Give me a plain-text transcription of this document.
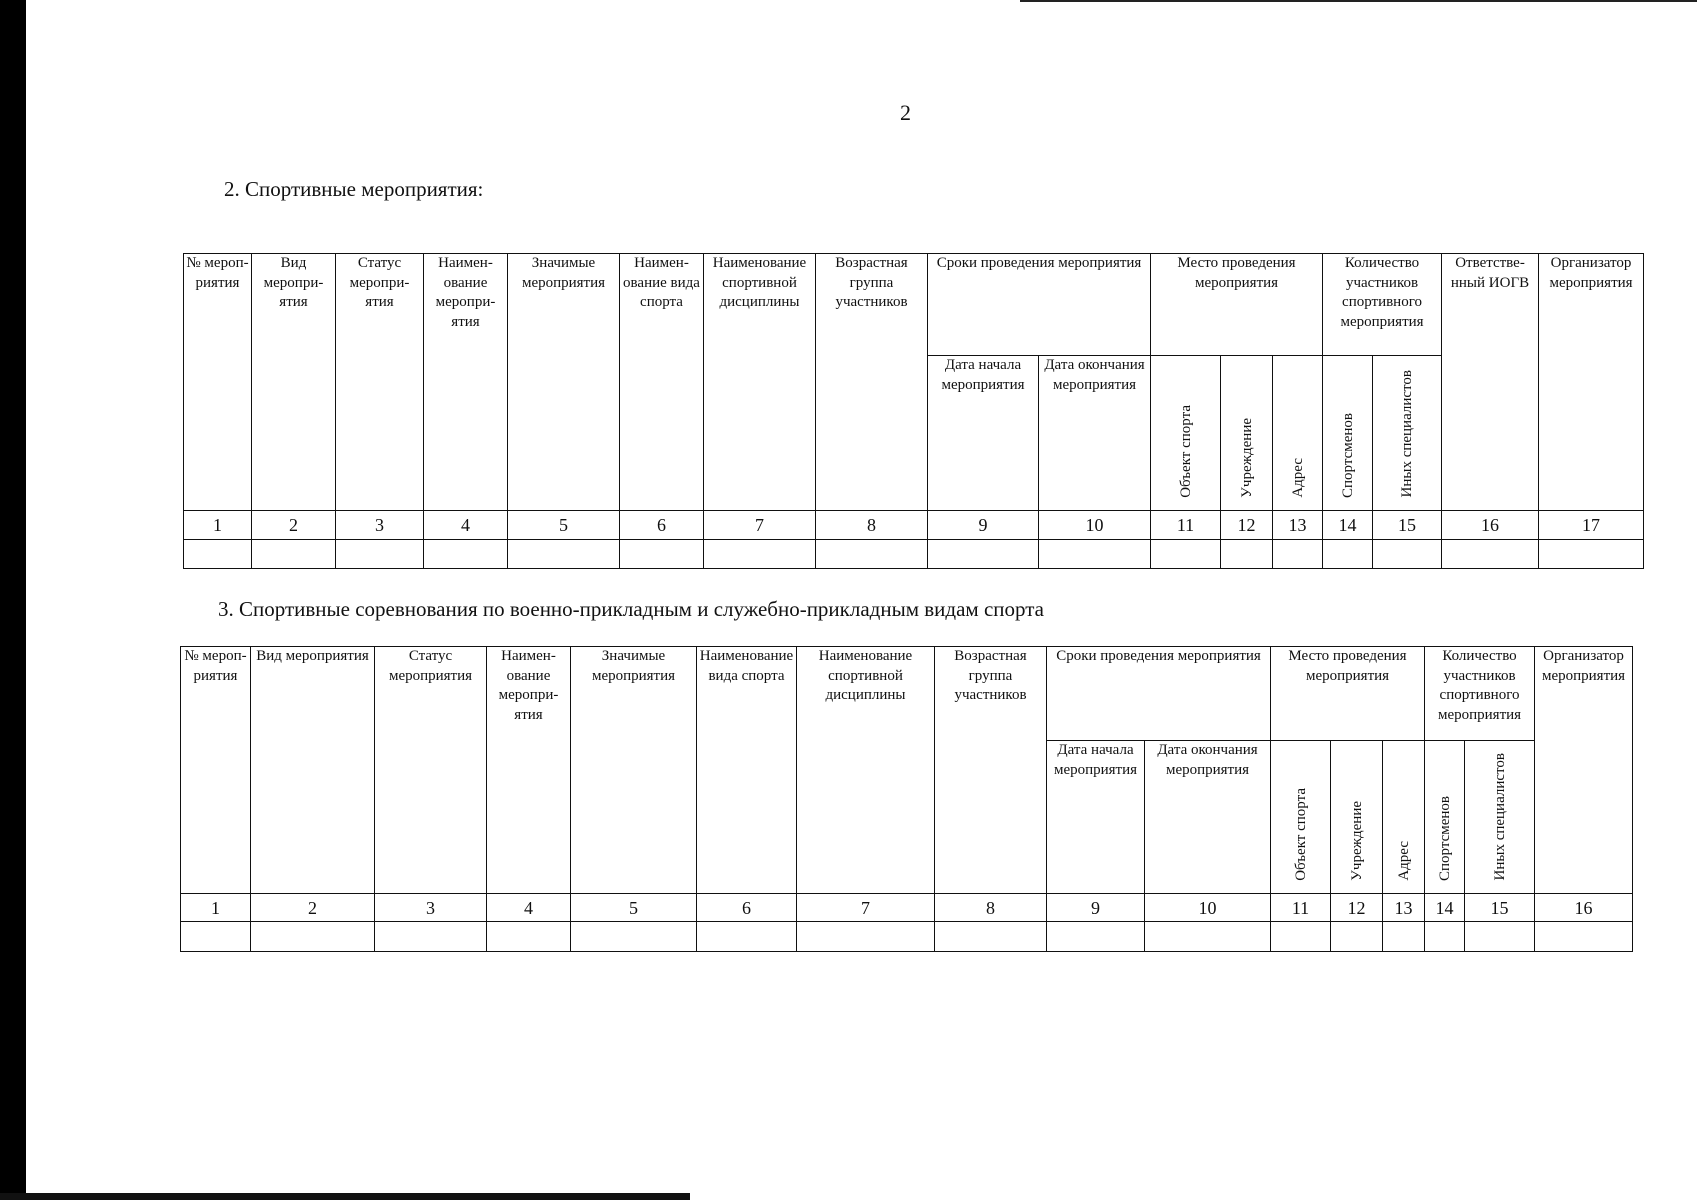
2
2. Спортивные мероприятия:
№ мероприятия	Вид мероприятия	Статус мероприятия	Наименование мероприятия	Значимые мероприятия	Наименование вида спорта	Наименование спортивной дисциплины	Возрастная группа участников	Сроки проведения мероприятия		Место проведения мероприятия			Количество участников спортивного мероприятия		Ответственный ИОГВ	Организатор мероприятия
								Дата начала мероприятия	Дата окончания мероприятия	Объект спорта	Учреждение	Адрес	Спортсменов	Иных специалистов		
1	2	3	4	5	6	7	8	9	10	11	12	13	14	15	16	17

3. Спортивные соревнования по военно-прикладным и служебно-прикладным видам спорта
№ мероприятия	Вид мероприятия	Статус мероприятия	Наименование мероприятия	Значимые мероприятия	Наименование вида спорта	Наименование спортивной дисциплины	Возрастная группа участников	Сроки проведения мероприятия		Место проведения мероприятия			Количество участников спортивного мероприятия		Организатор мероприятия
								Дата начала мероприятия	Дата окончания мероприятия	Объект спорта	Учреждение	Адрес	Спортсменов	Иных специалистов	
1	2	3	4	5	6	7	8	9	10	11	12	13	14	15	16
